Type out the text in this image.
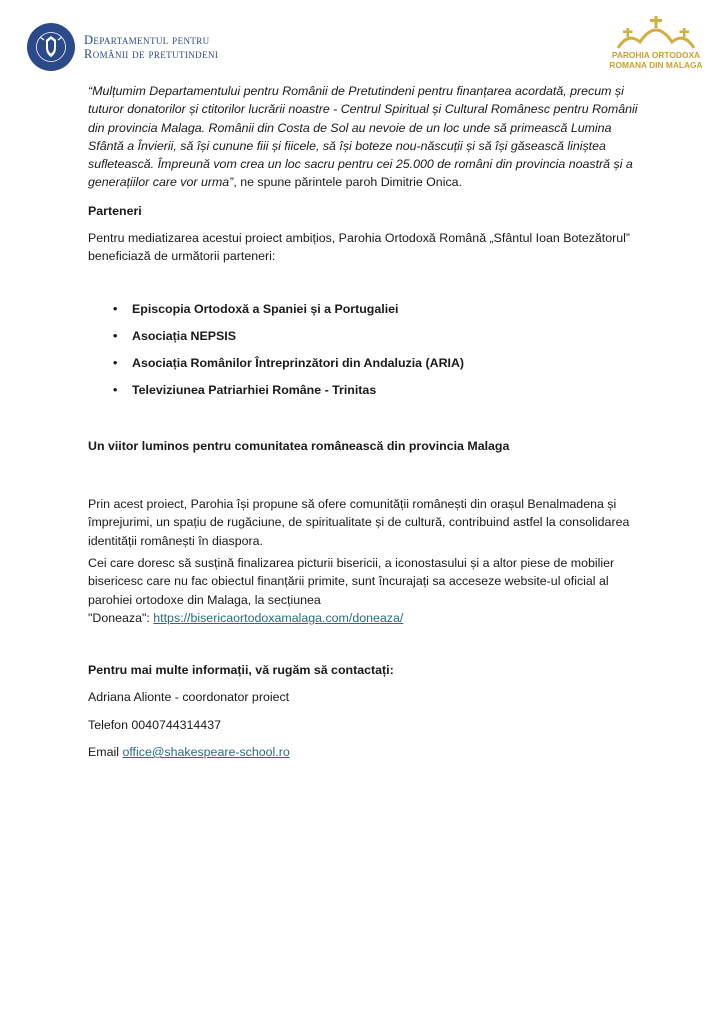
Departamentul pentru
Românii de pretutindeni	PAROHIA ORTODOXA
ROMANA DIN MALAGA

“Mulțumim Departamentului pentru Românii de Pretutindeni pentru finanțarea acordată, precum și tuturor donatorilor și ctitorilor lucrării noastre - Centrul Spiritual și Cultural Românesc pentru Românii din provincia Malaga. Românii din Costa de Sol au nevoie de un loc unde să primească Lumina Sfântă a Învierii, să își cunune fiii și fiicele, să își boteze nou-născuții și să își găsească liniștea sufletească. Împreună vom crea un loc sacru pentru cei 25.000 de români din provincia noastră și a generațiilor care vor urma”, ne spune părintele paroh Dimitrie Onica.

Parteneri

Pentru mediatizarea acestui proiect ambițios, Parohia Ortodoxă Română „Sfântul Ioan Botezătorul” beneficiază de următorii parteneri:

• Episcopia Ortodoxă a Spaniei și a Portugaliei
• Asociația NEPSIS
• Asociația Românilor Întreprinzători din Andaluzia (ARIA)
• Televiziunea Patriarhiei Române - Trinitas

Un viitor luminos pentru comunitatea românească din provincia Malaga

Prin acest proiect, Parohia își propune să ofere comunității românești din orașul Benalmadena și împrejurimi, un spațiu de rugăciune, de spiritualitate și de cultură, contribuind astfel la consolidarea identității românești în diaspora.

Cei care doresc să susțină finalizarea picturii bisericii, a iconostasului și a altor piese de mobilier bisericesc care nu fac obiectul finanțării primite, sunt încurajați sa acceseze website-ul oficial al parohiei ortodoxe din Malaga, la secțiunea
"Doneaza": https://bisericaortodoxamalaga.com/doneaza/

Pentru mai multe informații, vă rugăm să contactați:

Adriana Alionte - coordonator proiect

Telefon 0040744314437

Email office@shakespeare-school.ro
